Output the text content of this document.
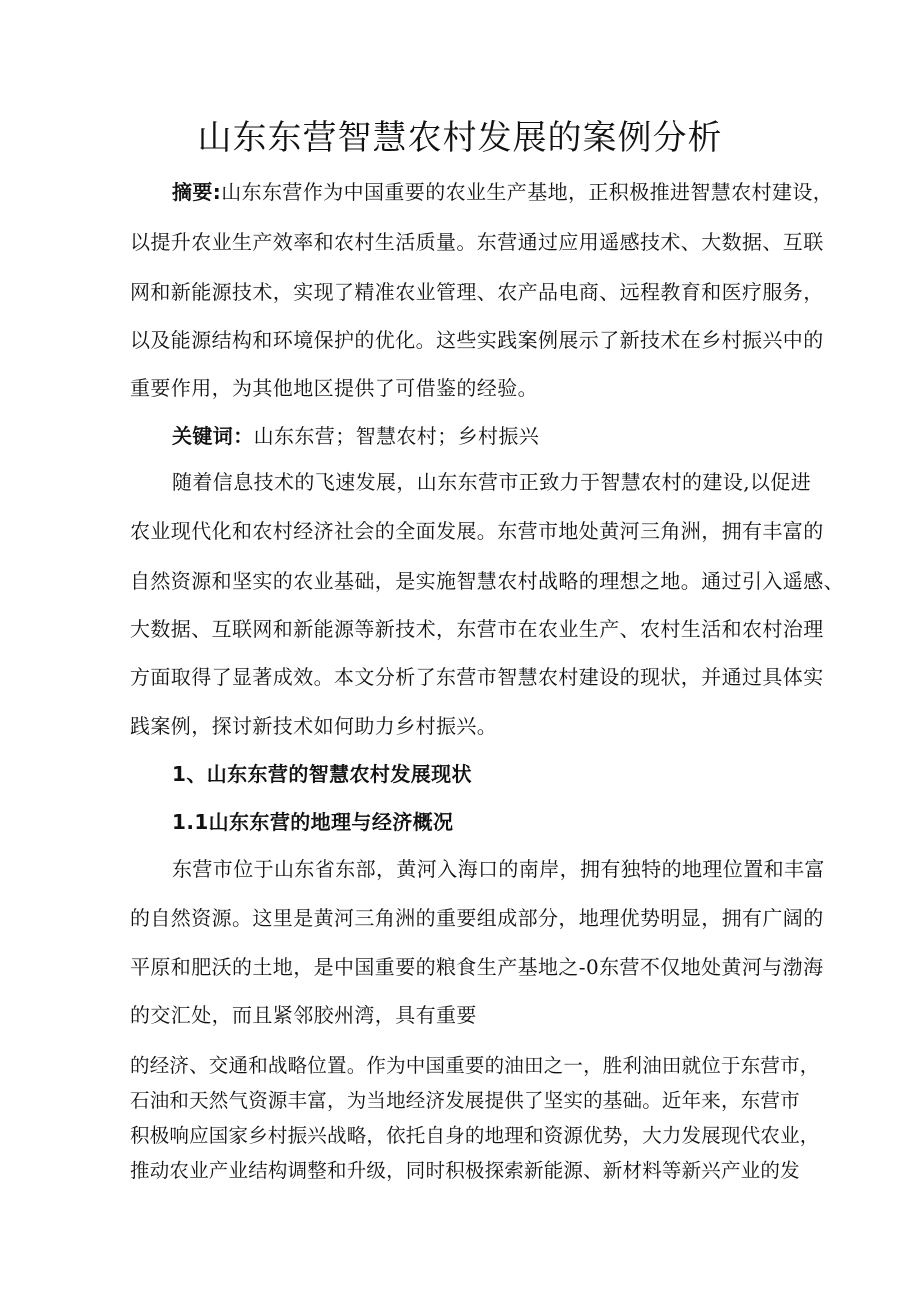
山东东营智慧农村发展的案例分析
摘要:山东东营作为中国重要的农业生产基地，正积极推进智慧农村建设，
以提升农业生产效率和农村生活质量。东营通过应用遥感技术、大数据、互联
网和新能源技术，实现了精准农业管理、农产品电商、远程教育和医疗服务，
以及能源结构和环境保护的优化。这些实践案例展示了新技术在乡村振兴中的
重要作用，为其他地区提供了可借鉴的经验。
关键词：山东东营；智慧农村；乡村振兴
随着信息技术的飞速发展，山东东营市正致力于智慧农村的建设,以促进
农业现代化和农村经济社会的全面发展。东营市地处黄河三角洲，拥有丰富的
自然资源和坚实的农业基础，是实施智慧农村战略的理想之地。通过引入遥感、
大数据、互联网和新能源等新技术，东营市在农业生产、农村生活和农村治理
方面取得了显著成效。本文分析了东营市智慧农村建设的现状，并通过具体实
践案例，探讨新技术如何助力乡村振兴。
1、山东东营的智慧农村发展现状
1.1山东东营的地理与经济概况
东营市位于山东省东部，黄河入海口的南岸，拥有独特的地理位置和丰富
的自然资源。这里是黄河三角洲的重要组成部分，地理优势明显，拥有广阔的
平原和肥沃的土地，是中国重要的粮食生产基地之-0东营不仅地处黄河与渤海
的交汇处，而且紧邻胶州湾，具有重要
的经济、交通和战略位置。作为中国重要的油田之一，胜利油田就位于东营市，
石油和天然气资源丰富，为当地经济发展提供了坚实的基础。近年来，东营市
积极响应国家乡村振兴战略，依托自身的地理和资源优势，大力发展现代农业，
推动农业产业结构调整和升级，同时积极探索新能源、新材料等新兴产业的发
